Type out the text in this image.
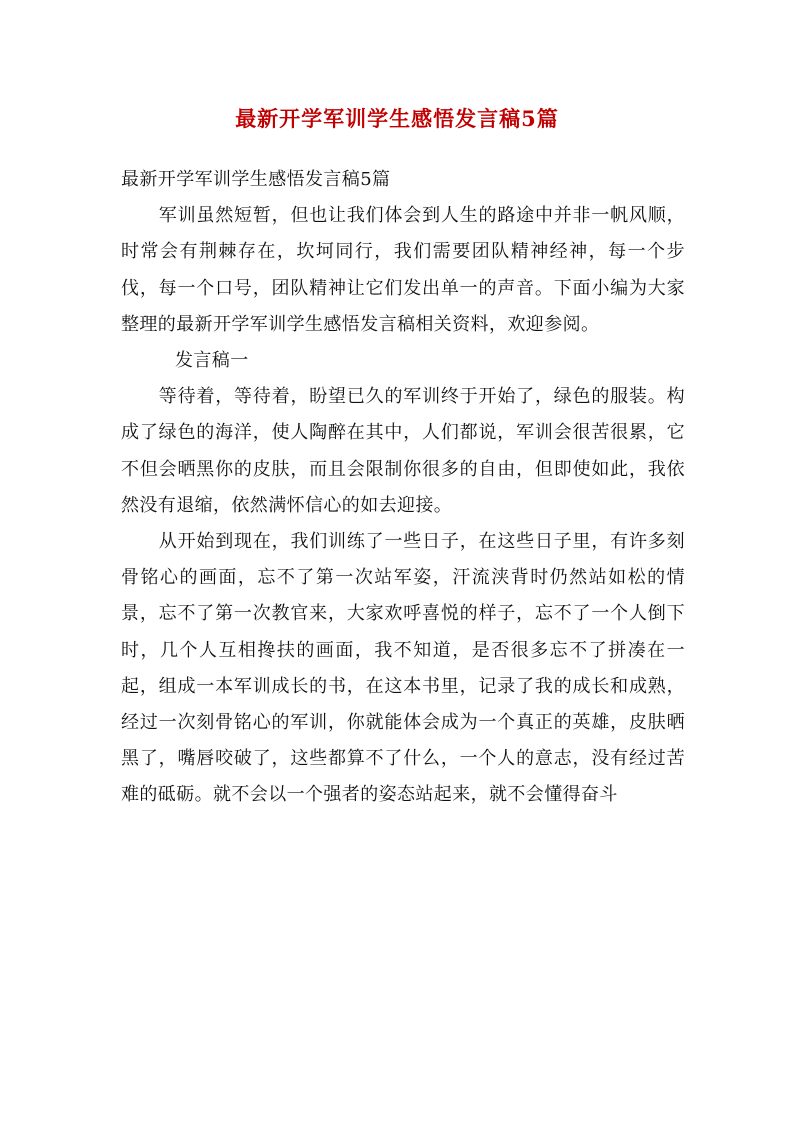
最新开学军训学生感悟发言稿5篇

最新开学军训学生感悟发言稿5篇

军训虽然短暂，但也让我们体会到人生的路途中并非一帆风顺，时常会有荆棘存在，坎坷同行，我们需要团队精神经神，每一个步伐，每一个口号，团队精神让它们发出单一的声音。下面小编为大家整理的最新开学军训学生感悟发言稿相关资料，欢迎参阅。

发言稿一

等待着，等待着，盼望已久的军训终于开始了，绿色的服装。构成了绿色的海洋，使人陶醉在其中，人们都说，军训会很苦很累，它不但会晒黑你的皮肤，而且会限制你很多的自由，但即使如此，我依然没有退缩，依然满怀信心的如去迎接。

从开始到现在，我们训练了一些日子，在这些日子里，有许多刻骨铭心的画面，忘不了第一次站军姿，汗流浃背时仍然站如松的情景，忘不了第一次教官来，大家欢呼喜悦的样子，忘不了一个人倒下时，几个人互相搀扶的画面，我不知道，是否很多忘不了拼凑在一起，组成一本军训成长的书，在这本书里，记录了我的成长和成熟，经过一次刻骨铭心的军训，你就能体会成为一个真正的英雄，皮肤晒黑了，嘴唇咬破了，这些都算不了什么，一个人的意志，没有经过苦难的砥砺。就不会以一个强者的姿态站起来，就不会懂得奋斗
